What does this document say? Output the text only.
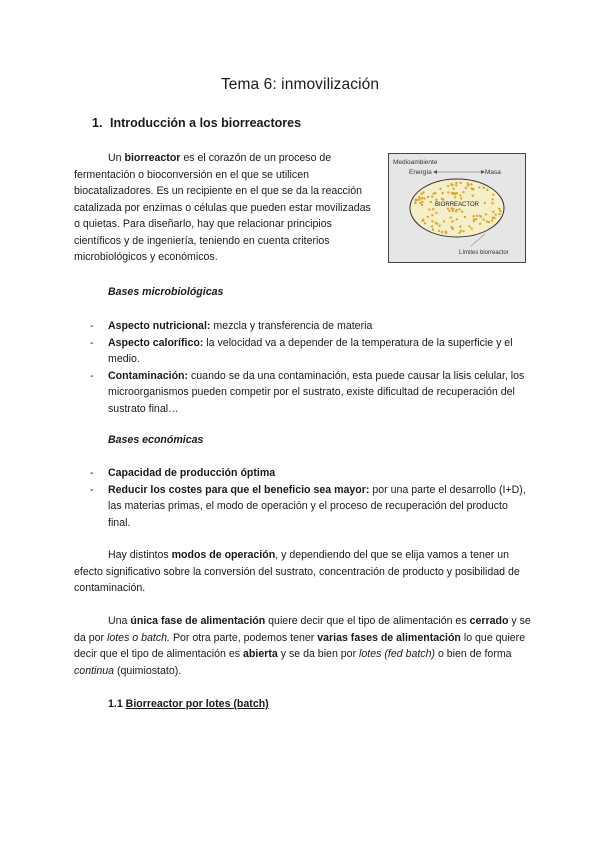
Tema 6: inmovilización
1. Introducción a los biorreactores
Un biorreactor es el corazón de un proceso de fermentación o bioconversión en el que se utilicen biocatalizadores. Es un recipiente en el que se da la reacción catalizada por enzimas o células que pueden estar movilizadas o quietas. Para diseñarlo, hay que relacionar principios científicos y de ingeniería, teniendo en cuenta criterios microbiológicos y económicos.
Medioambiente
Energía	Masa
BIORREACTOR
Límites biorreactor
Bases microbiológicas
- Aspecto nutricional: mezcla y transferencia de materia
- Aspecto calorífico: la velocidad va a depender de la temperatura de la superficie y el medio.
- Contaminación: cuando se da una contaminación, esta puede causar la lisis celular, los microorganismos pueden competir por el sustrato, existe dificultad de recuperación del sustrato final…
Bases económicas
- Capacidad de producción óptima
- Reducir los costes para que el beneficio sea mayor: por una parte el desarrollo (I+D), las materias primas, el modo de operación y el proceso de recuperación del producto final.
Hay distintos modos de operación, y dependiendo del que se elija vamos a tener un efecto significativo sobre la conversión del sustrato, concentración de producto y posibilidad de contaminación.
Una única fase de alimentación quiere decir que el tipo de alimentación es cerrado y se da por lotes o batch. Por otra parte, podemos tener varias fases de alimentación lo que quiere decir que el tipo de alimentación es abierta y se da bien por lotes (fed batch) o bien de forma continua (quimiostato).
1.1 Biorreactor por lotes (batch)
